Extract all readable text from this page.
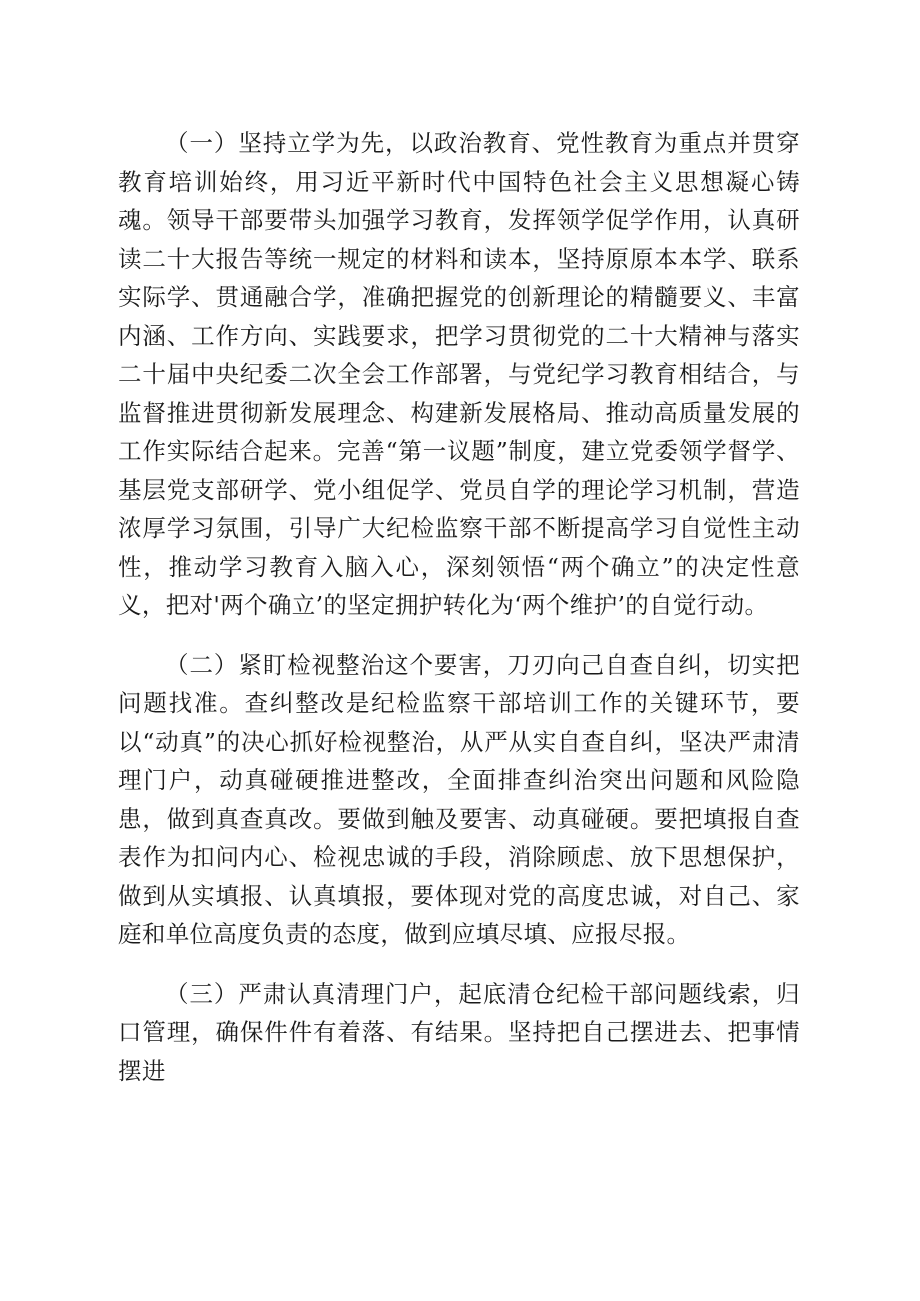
（一）坚持立学为先，以政治教育、党性教育为重点并贯穿教育培训始终，用习近平新时代中国特色社会主义思想凝心铸魂。领导干部要带头加强学习教育，发挥领学促学作用，认真研读二十大报告等统一规定的材料和读本，坚持原原本本学、联系实际学、贯通融合学，准确把握党的创新理论的精髓要义、丰富内涵、工作方向、实践要求，把学习贯彻党的二十大精神与落实二十届中央纪委二次全会工作部署，与党纪学习教育相结合，与监督推进贯彻新发展理念、构建新发展格局、推动高质量发展的工作实际结合起来。完善“第一议题”制度，建立党委领学督学、基层党支部研学、党小组促学、党员自学的理论学习机制，营造浓厚学习氛围，引导广大纪检监察干部不断提高学习自觉性主动性，推动学习教育入脑入心，深刻领悟“两个确立”的决定性意义，把对'两个确立’的坚定拥护转化为‘两个维护’的自觉行动。

（二）紧盯检视整治这个要害，刀刃向己自查自纠，切实把问题找准。查纠整改是纪检监察干部培训工作的关键环节，要以“动真”的决心抓好检视整治，从严从实自查自纠，坚决严肃清理门户，动真碰硬推进整改，全面排查纠治突出问题和风险隐患，做到真查真改。要做到触及要害、动真碰硬。要把填报自查表作为扣问内心、检视忠诚的手段，消除顾虑、放下思想保护，做到从实填报、认真填报，要体现对党的高度忠诚，对自己、家庭和单位高度负责的态度，做到应填尽填、应报尽报。

（三）严肃认真清理门户，起底清仓纪检干部问题线索，归口管理，确保件件有着落、有结果。坚持把自己摆进去、把事情摆进
